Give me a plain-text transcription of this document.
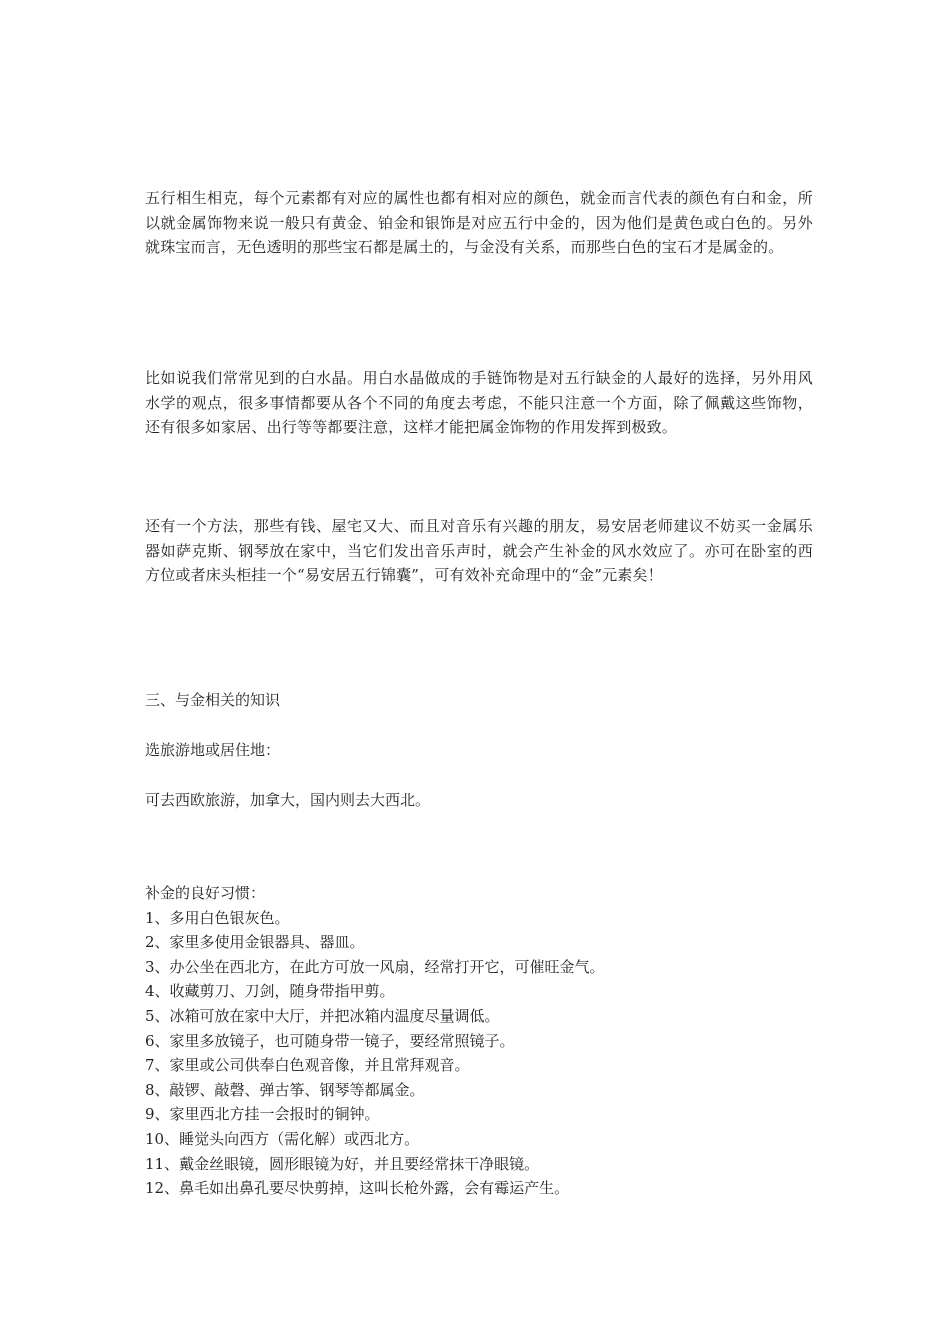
五行相生相克，每个元素都有对应的属性也都有相对应的颜色，就金而言代表的颜色有白和金，所以就金属饰物来说一般只有黄金、铂金和银饰是对应五行中金的，因为他们是黄色或白色的。另外就珠宝而言，无色透明的那些宝石都是属土的，与金没有关系，而那些白色的宝石才是属金的。

比如说我们常常见到的白水晶。用白水晶做成的手链饰物是对五行缺金的人最好的选择，另外用风水学的观点，很多事情都要从各个不同的角度去考虑，不能只注意一个方面，除了佩戴这些饰物，还有很多如家居、出行等等都要注意，这样才能把属金饰物的作用发挥到极致。

还有一个方法，那些有钱、屋宅又大、而且对音乐有兴趣的朋友，易安居老师建议不妨买一金属乐器如萨克斯、钢琴放在家中，当它们发出音乐声时，就会产生补金的风水效应了。亦可在卧室的西方位或者床头柜挂一个“易安居五行锦囊”，可有效补充命理中的“金”元素矣！

三、与金相关的知识

选旅游地或居住地：

可去西欧旅游，加拿大，国内则去大西北。

补金的良好习惯：
1、多用白色银灰色。
2、家里多使用金银器具、器皿。
3、办公坐在西北方，在此方可放一风扇，经常打开它，可催旺金气。
4、收藏剪刀、刀剑，随身带指甲剪。
5、冰箱可放在家中大厅，并把冰箱内温度尽量调低。
6、家里多放镜子，也可随身带一镜子，要经常照镜子。
7、家里或公司供奉白色观音像，并且常拜观音。
8、敲锣、敲磬、弹古筝、钢琴等都属金。
9、家里西北方挂一会报时的铜钟。
10、睡觉头向西方（需化解）或西北方。
11、戴金丝眼镜，圆形眼镜为好，并且要经常抹干净眼镜。
12、鼻毛如出鼻孔要尽快剪掉，这叫长枪外露，会有霉运产生。
